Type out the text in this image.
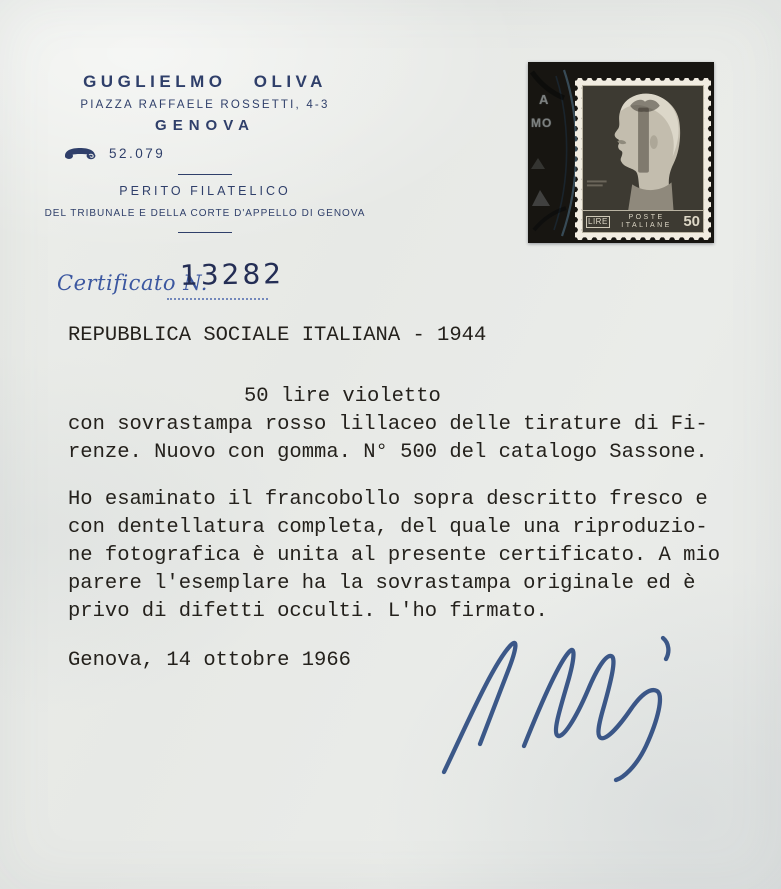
GUGLIELMO OLIVA
PIAZZA RAFFAELE ROSSETTI, 4-3
GENOVA
52.079
PERITO FILATELICO
DEL TRIBUNALE E DELLA CORTE D'APPELLO DI GENOVA
A
MO
LIRE	POSTE
ITALIANE 50
Certificato N.
13282
REPUBBLICA SOCIALE ITALIANA - 1944
50 lire violetto
con sovrastampa rosso lillaceo delle tirature di Fi-
renze. Nuovo con gomma. N° 500 del catalogo Sassone.
Ho esaminato il francobollo sopra descritto fresco e
con dentellatura completa, del quale una riproduzio-
ne fotografica è unita al presente certificato. A mio
parere l'esemplare ha la sovrastampa originale ed è
privo di difetti occulti. L'ho firmato.
Genova, 14 ottobre 1966
